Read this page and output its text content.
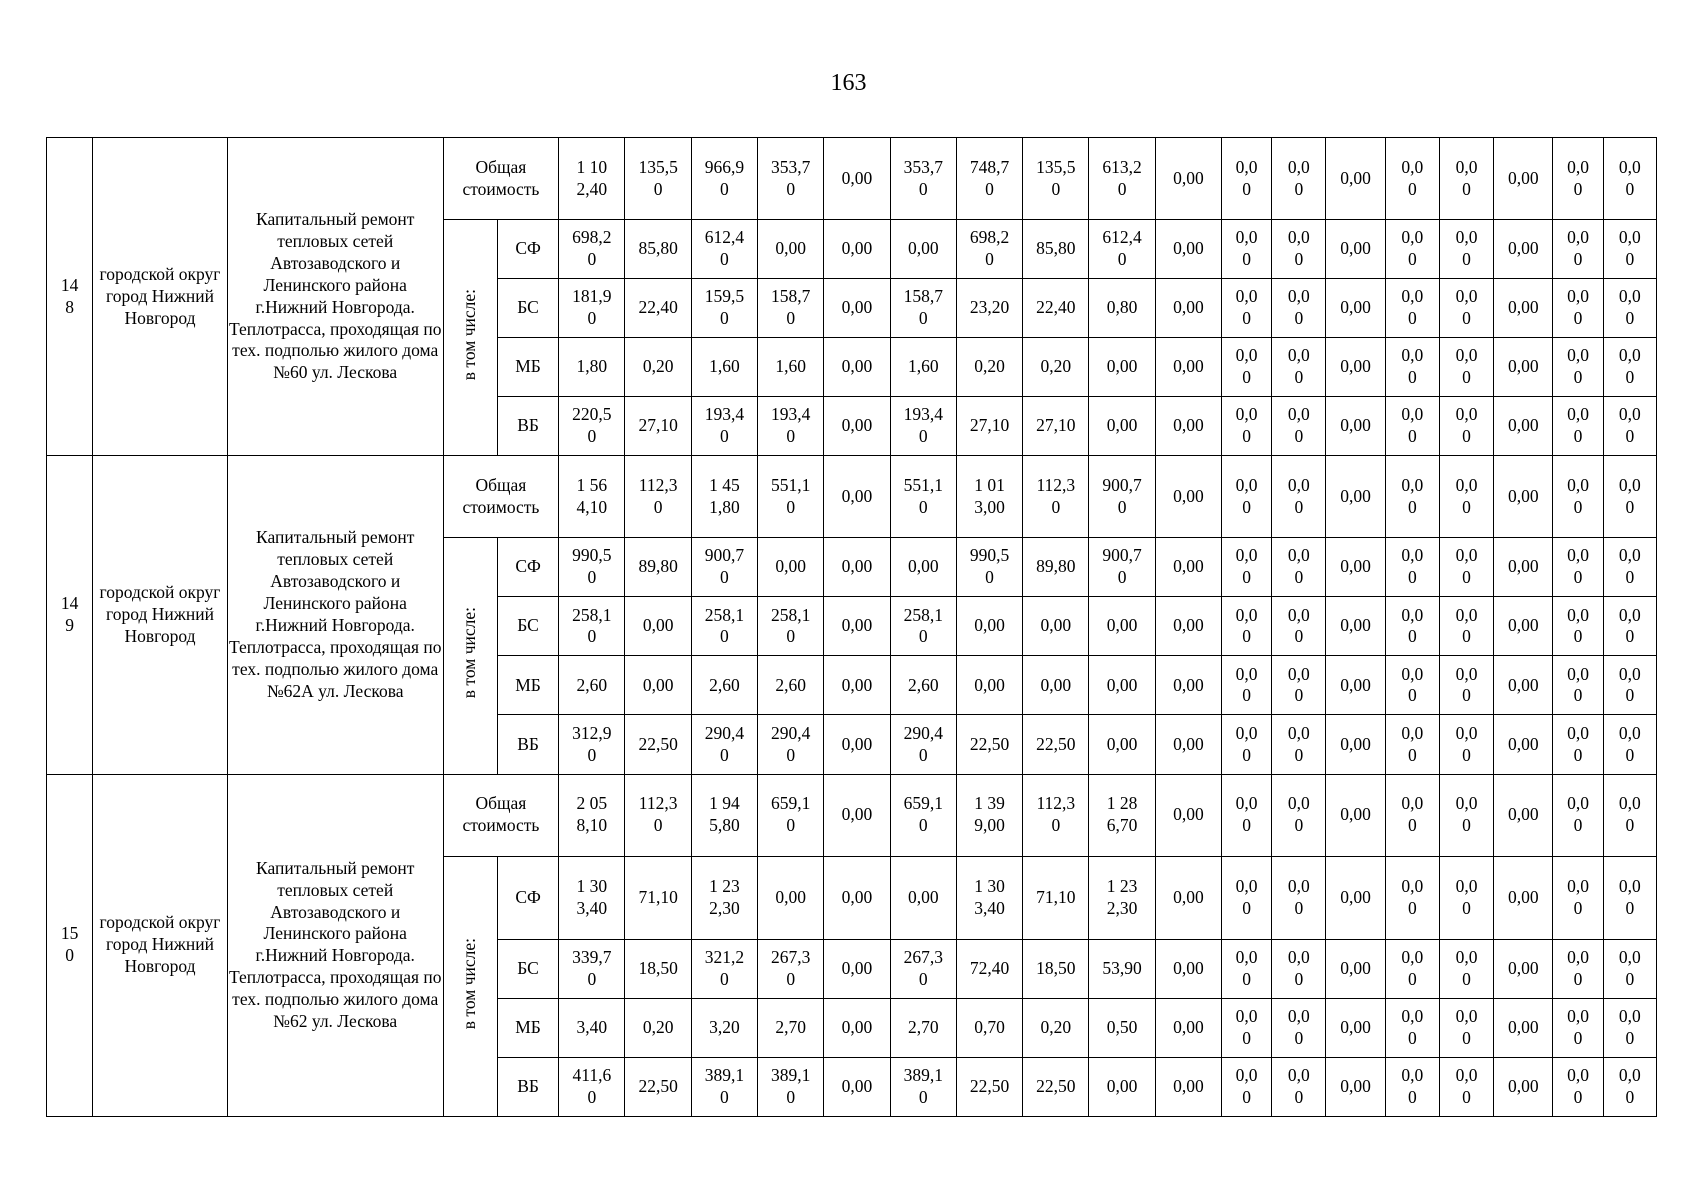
163
148	городской округ город Нижний Новгород	Капитальный ремонт тепловых сетей Автозаводского и Ленинского района г.Нижний Новгорода. Теплотрасса, проходящая по тех. подполью жилого дома №60 ул. Лескова	Общая стоимость		1 102,40	135,50	966,90	353,70	0,00	353,70	748,70	135,50	613,20	0,00	0,00	0,00	0,00	0,00	0,00	0,00	0,00	0,00
			в том числе:	СФ	698,20	85,80	612,40	0,00	0,00	0,00	698,20	85,80	612,40	0,00	0,00	0,00	0,00	0,00	0,00	0,00	0,00	0,00
				БС	181,90	22,40	159,50	158,70	0,00	158,70	23,20	22,40	0,80	0,00	0,00	0,00	0,00	0,00	0,00	0,00	0,00	0,00
				МБ	1,80	0,20	1,60	1,60	0,00	1,60	0,20	0,20	0,00	0,00	0,00	0,00	0,00	0,00	0,00	0,00	0,00	0,00
				ВБ	220,50	27,10	193,40	193,40	0,00	193,40	27,10	27,10	0,00	0,00	0,00	0,00	0,00	0,00	0,00	0,00	0,00	0,00
149	городской округ город Нижний Новгород	Капитальный ремонт тепловых сетей Автозаводского и Ленинского района г.Нижний Новгорода. Теплотрасса, проходящая по тех. подполью жилого дома №62А ул. Лескова	Общая стоимость		1 564,10	112,30	1 451,80	551,10	0,00	551,10	1 013,00	112,30	900,70	0,00	0,00	0,00	0,00	0,00	0,00	0,00	0,00	0,00
			в том числе:	СФ	990,50	89,80	900,70	0,00	0,00	0,00	990,50	89,80	900,70	0,00	0,00	0,00	0,00	0,00	0,00	0,00	0,00	0,00
				БС	258,10	0,00	258,10	258,10	0,00	258,10	0,00	0,00	0,00	0,00	0,00	0,00	0,00	0,00	0,00	0,00	0,00	0,00
				МБ	2,60	0,00	2,60	2,60	0,00	2,60	0,00	0,00	0,00	0,00	0,00	0,00	0,00	0,00	0,00	0,00	0,00	0,00
				ВБ	312,90	22,50	290,40	290,40	0,00	290,40	22,50	22,50	0,00	0,00	0,00	0,00	0,00	0,00	0,00	0,00	0,00	0,00
150	городской округ город Нижний Новгород	Капитальный ремонт тепловых сетей Автозаводского и Ленинского района г.Нижний Новгорода. Теплотрасса, проходящая по тех. подполью жилого дома №62 ул. Лескова	Общая стоимость		2 058,10	112,30	1 945,80	659,10	0,00	659,10	1 399,00	112,30	1 286,70	0,00	0,00	0,00	0,00	0,00	0,00	0,00	0,00	0,00
			в том числе:	СФ	1 303,40	71,10	1 232,30	0,00	0,00	0,00	1 303,40	71,10	1 232,30	0,00	0,00	0,00	0,00	0,00	0,00	0,00	0,00	0,00
				БС	339,70	18,50	321,20	267,30	0,00	267,30	72,40	18,50	53,90	0,00	0,00	0,00	0,00	0,00	0,00	0,00	0,00	0,00
				МБ	3,40	0,20	3,20	2,70	0,00	2,70	0,70	0,20	0,50	0,00	0,00	0,00	0,00	0,00	0,00	0,00	0,00	0,00
				ВБ	411,60	22,50	389,10	389,10	0,00	389,10	22,50	22,50	0,00	0,00	0,00	0,00	0,00	0,00	0,00	0,00	0,00	0,00
